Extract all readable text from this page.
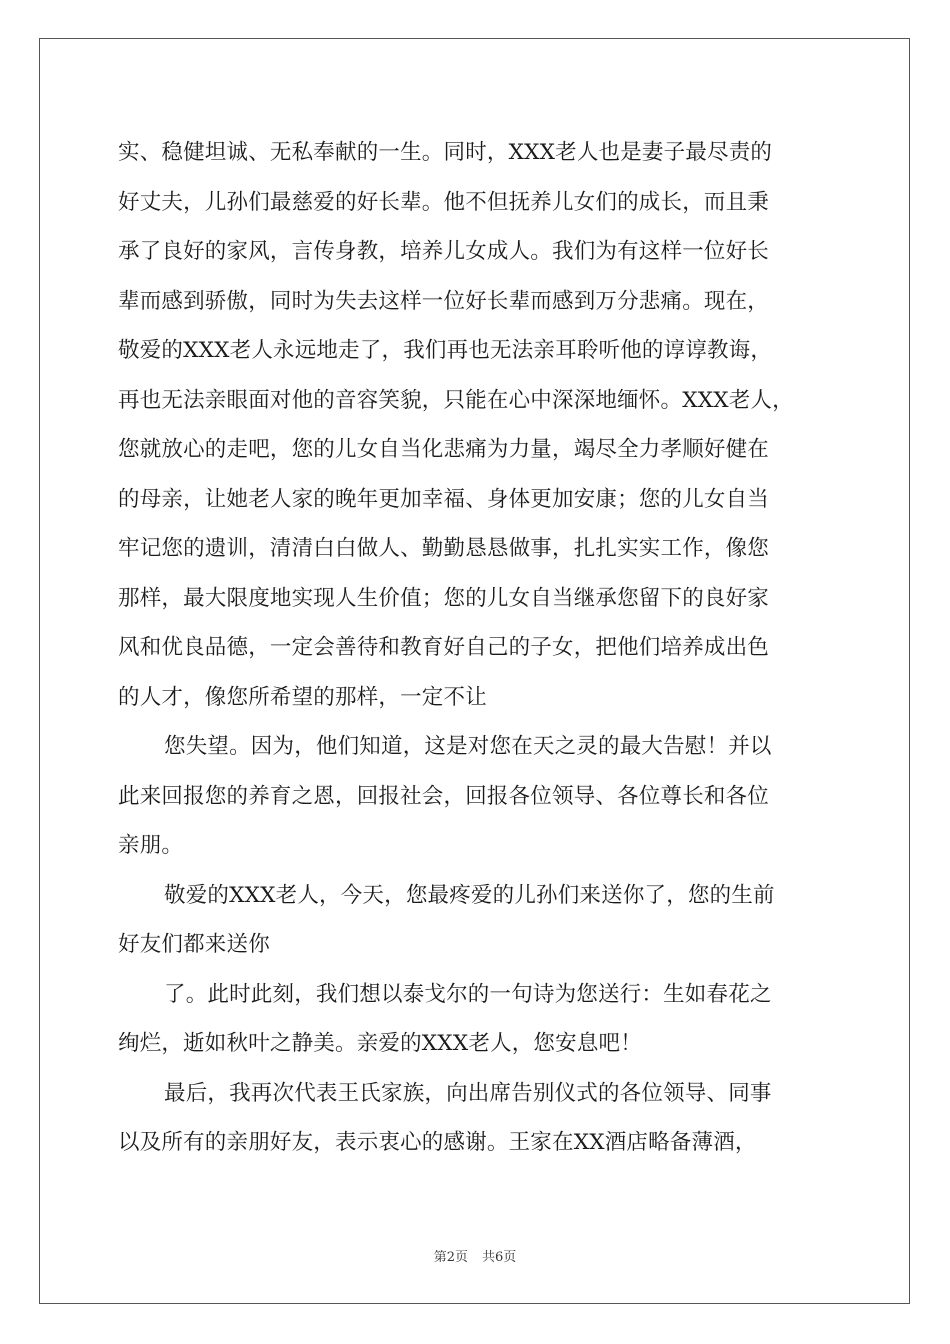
实、稳健坦诚、无私奉献的一生。同时，XXX老人也是妻子最尽责的
好丈夫，儿孙们最慈爱的好长辈。他不但抚养儿女们的成长，而且秉
承了良好的家风，言传身教，培养儿女成人。我们为有这样一位好长
辈而感到骄傲，同时为失去这样一位好长辈而感到万分悲痛。现在，
敬爱的XXX老人永远地走了，我们再也无法亲耳聆听他的谆谆教诲，
再也无法亲眼面对他的音容笑貌，只能在心中深深地缅怀。XXX老人，
您就放心的走吧，您的儿女自当化悲痛为力量，竭尽全力孝顺好健在
的母亲，让她老人家的晚年更加幸福、身体更加安康；您的儿女自当
牢记您的遗训，清清白白做人、勤勤恳恳做事，扎扎实实工作，像您
那样，最大限度地实现人生价值；您的儿女自当继承您留下的良好家
风和优良品德，一定会善待和教育好自己的子女，把他们培养成出色
的人才，像您所希望的那样，一定不让
您失望。因为，他们知道，这是对您在天之灵的最大告慰！并以
此来回报您的养育之恩，回报社会，回报各位领导、各位尊长和各位
亲朋。
敬爱的XXX老人，今天，您最疼爱的儿孙们来送你了，您的生前
好友们都来送你
了。此时此刻，我们想以泰戈尔的一句诗为您送行：生如春花之
绚烂，逝如秋叶之静美。亲爱的XXX老人，您安息吧！
最后，我再次代表王氏家族，向出席告别仪式的各位领导、同事
以及所有的亲朋好友，表示衷心的感谢。王家在XX酒店略备薄酒，
第2页 共6页
